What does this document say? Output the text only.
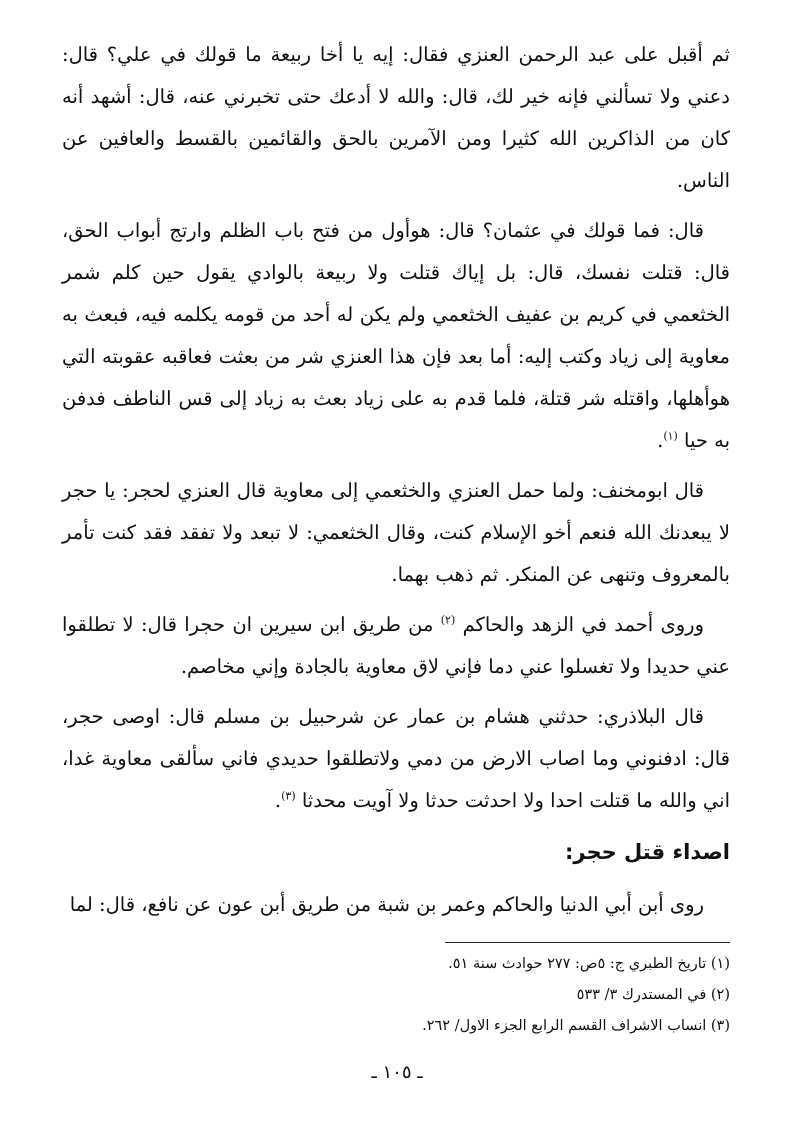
ثم أقبل على عبد الرحمن العنزي فقال: إيه يا أخا ربيعة ما قولك في علي؟ قال: دعني ولا تسألني فإنه خير لك، قال: والله لا أدعك حتى تخبرني عنه، قال: أشهد أنه كان من الذاكرين الله كثيرا ومن الآمرين بالحق والقائمين بالقسط والعافين عن الناس.

قال: فما قولك في عثمان؟ قال: هوأول من فتح باب الظلم وارتج أبواب الحق، قال: قتلت نفسك، قال: بل إياك قتلت ولا ربيعة بالوادي يقول حين كلم شمر الخثعمي في كريم بن عفيف الخثعمي ولم يكن له أحد من قومه يكلمه فيه، فبعث به معاوية إلى زياد وكتب إليه: أما بعد فإن هذا العنزي شر من بعثت فعاقبه عقوبته التي هوأهلها، واقتله شر قتلة، فلما قدم به على زياد بعث به زياد إلى قس الناطف فدفن به حيا $^{(١)}$.

قال ابومخنف: ولما حمل العنزي والخثعمي إلى معاوية قال العنزي لحجر: يا حجر لا يبعدنك الله فنعم أخو الإسلام كنت، وقال الخثعمي: لا تبعد ولا تفقد فقد كنت تأمر بالمعروف وتنهى عن المنكر. ثم ذهب بهما.

وروى أحمد في الزهد والحاكم $^{(٢)}$ من طريق ابن سيرين ان حجرا قال: لا تطلقوا عني حديدا ولا تغسلوا عني دما فإني لاق معاوية بالجادة وإني مخاصم.

قال البلاذري: حدثني هشام بن عمار عن شرحبيل بن مسلم قال: اوصى حجر، قال: ادفنوني وما اصاب الارض من دمي ولاتطلقوا حديدي فاني سألقى معاوية غدا، اني والله ما قتلت احدا ولا احدثت حدثا ولا آويت محدثا $^{(٣)}$.

اصداء قتل حجر:

روى أبن أبي الدنيا والحاكم وعمر بن شبة من طريق أبن عون عن نافع، قال: لما

(١) تاريخ الطبري ج: ٥ص: ٢٧٧ حوادث سنة ٥١.

(٢) في المستدرك ٣/ ٥٣٣

(٣) انساب الاشراف القسم الرابع الجزء الاول/ ٢٦٢.

ـ ١٠٥ ـ
